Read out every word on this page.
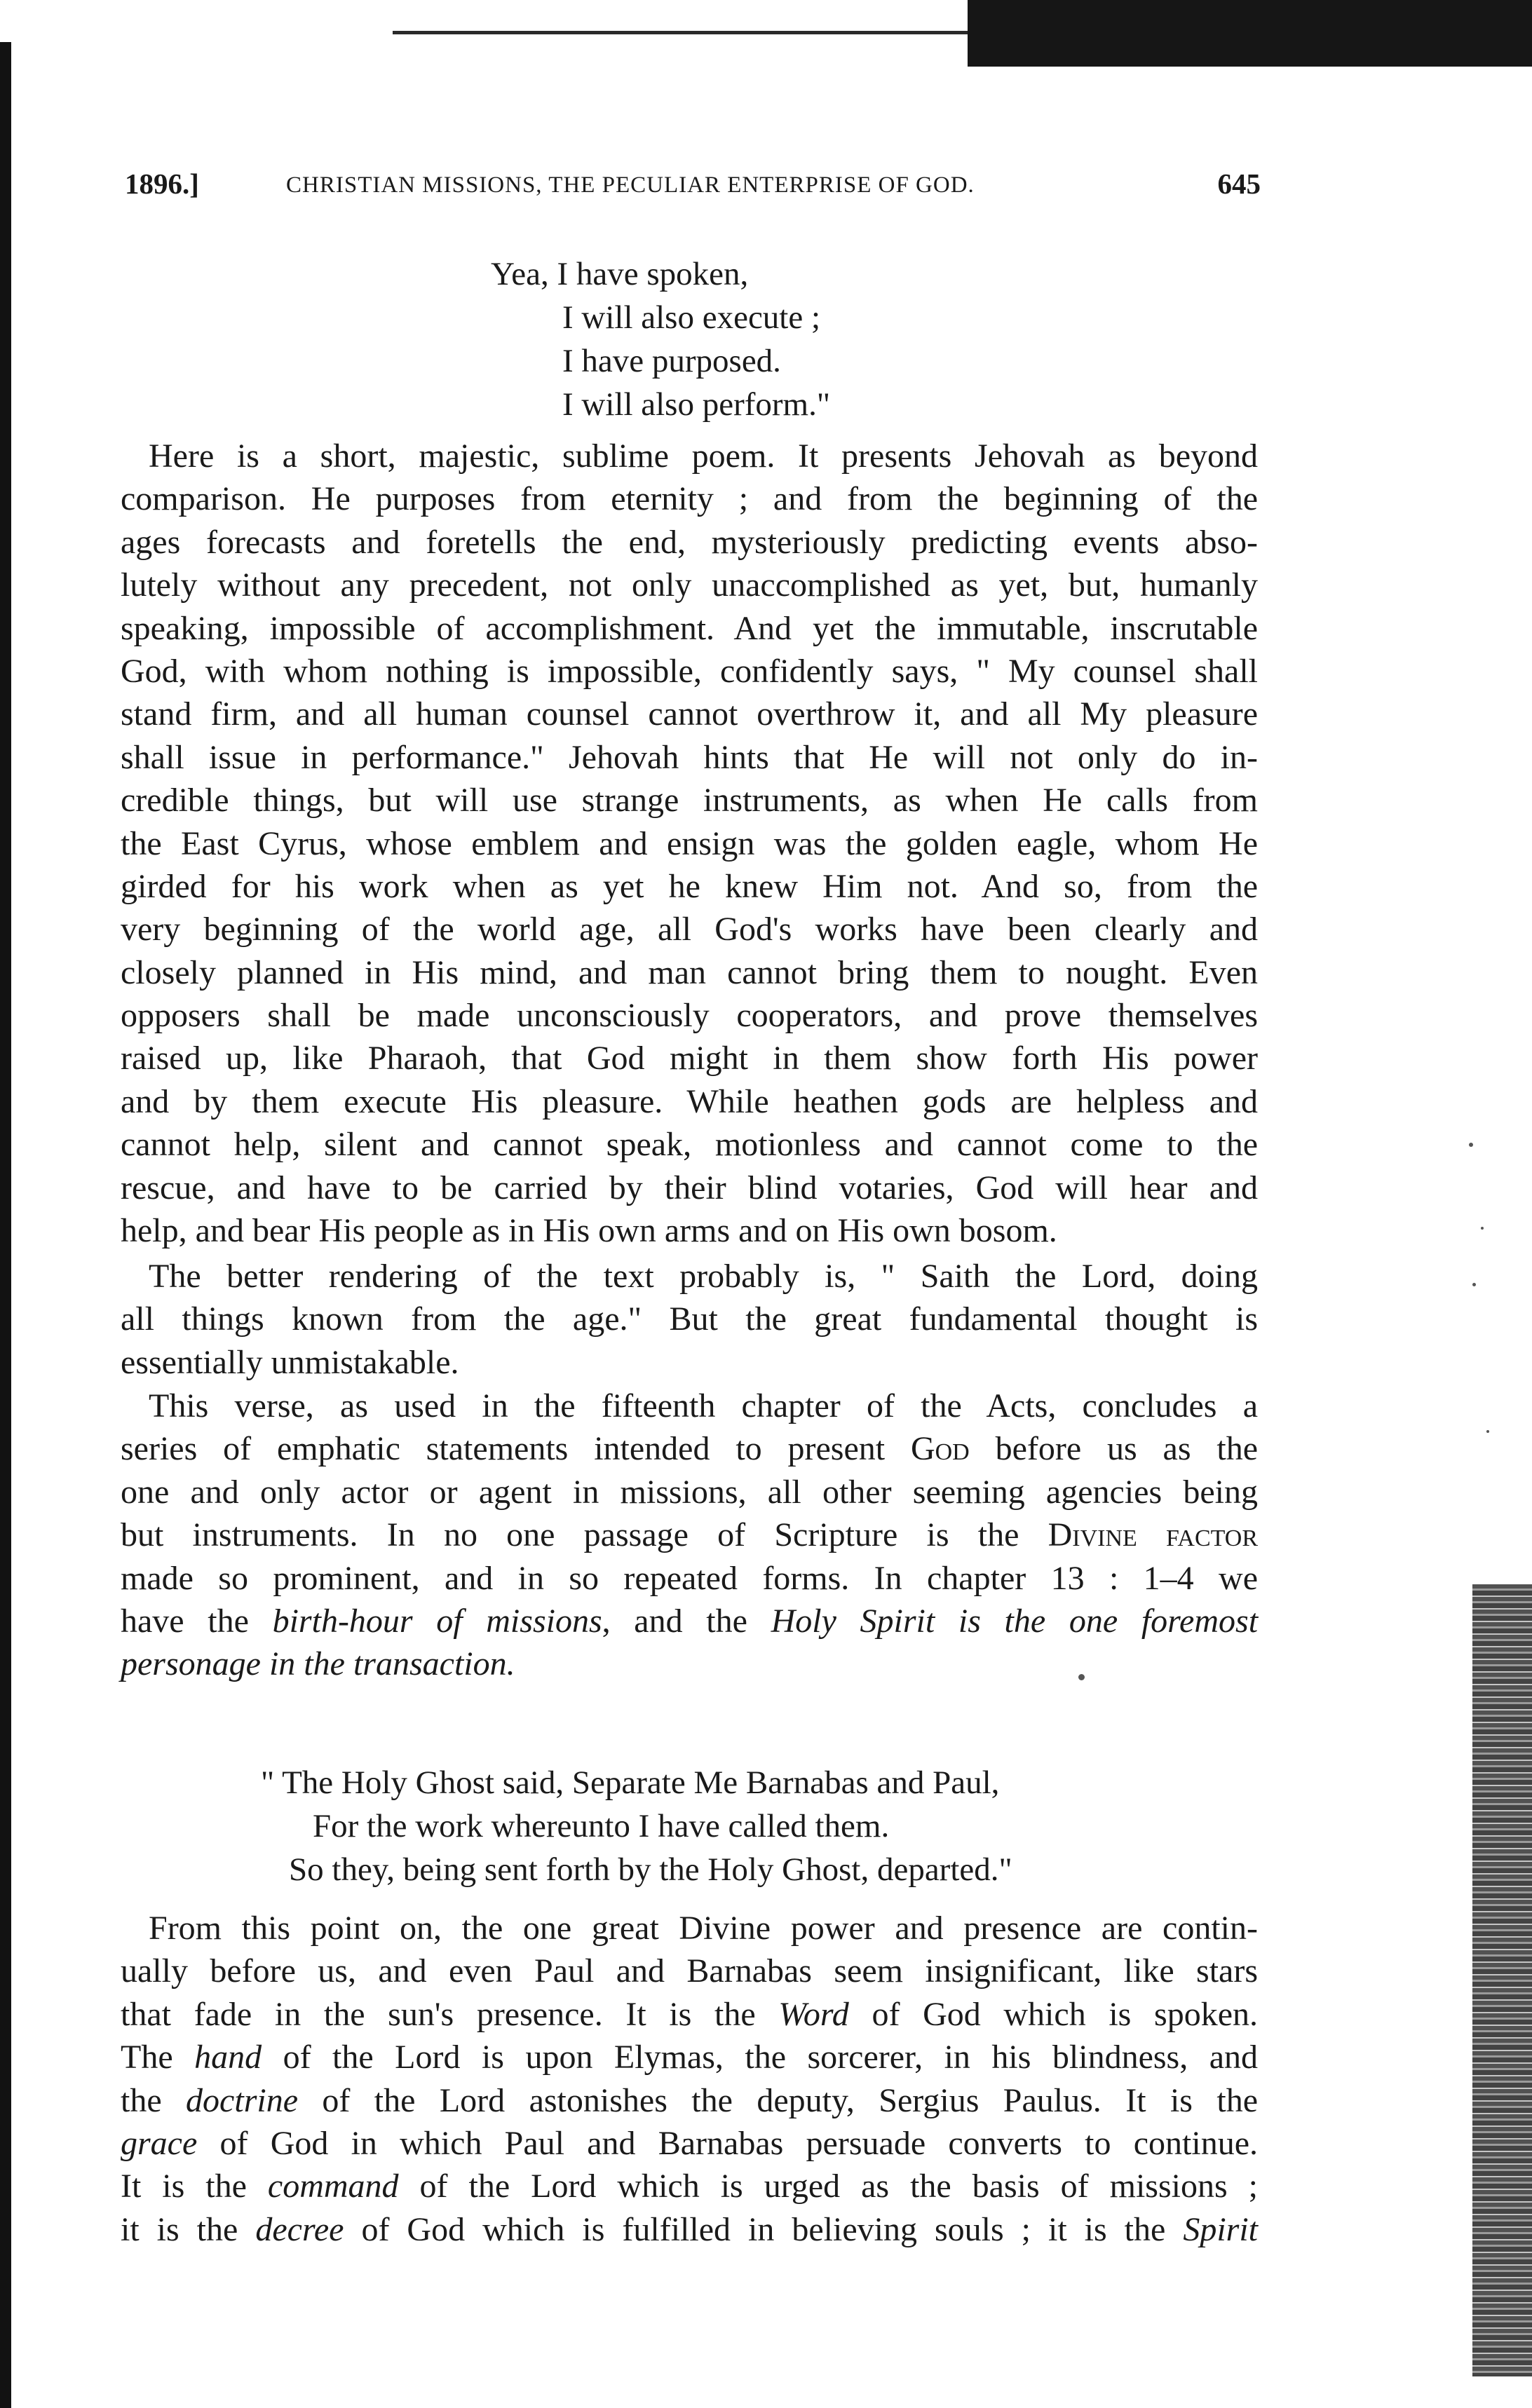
1896.]	CHRISTIAN MISSIONS, THE PECULIAR ENTERPRISE OF GOD.	645
Yea, I have spoken,
I will also execute ;
I have purposed.
I will also perform."
Here is a short, majestic, sublime poem. It presents Jehovah as beyond
comparison. He purposes from eternity ; and from the beginning of the
ages forecasts and foretells the end, mysteriously predicting events abso-
lutely without any precedent, not only unaccomplished as yet, but, humanly
speaking, impossible of accomplishment. And yet the immutable, inscrutable
God, with whom nothing is impossible, confidently says, " My counsel shall
stand firm, and all human counsel cannot overthrow it, and all My pleasure
shall issue in performance." Jehovah hints that He will not only do in-
credible things, but will use strange instruments, as when He calls from
the East Cyrus, whose emblem and ensign was the golden eagle, whom He
girded for his work when as yet he knew Him not. And so, from the
very beginning of the world age, all God's works have been clearly and
closely planned in His mind, and man cannot bring them to nought. Even
opposers shall be made unconsciously cooperators, and prove themselves
raised up, like Pharaoh, that God might in them show forth His power
and by them execute His pleasure. While heathen gods are helpless and
cannot help, silent and cannot speak, motionless and cannot come to the
rescue, and have to be carried by their blind votaries, God will hear and
help, and bear His people as in His own arms and on His own bosom.
The better rendering of the text probably is, " Saith the Lord, doing
all things known from the age." But the great fundamental thought is
essentially unmistakable.
This verse, as used in the fifteenth chapter of the Acts, concludes a
series of emphatic statements intended to present God before us as the
one and only actor or agent in missions, all other seeming agencies being
but instruments. In no one passage of Scripture is the Divine factor
made so prominent, and in so repeated forms. In chapter 13 : 1–4 we
have the birth-hour of missions, and the Holy Spirit is the one foremost
personage in the transaction.
" The Holy Ghost said, Separate Me Barnabas and Paul,
For the work whereunto I have called them.
So they, being sent forth by the Holy Ghost, departed."
From this point on, the one great Divine power and presence are contin-
ually before us, and even Paul and Barnabas seem insignificant, like stars
that fade in the sun's presence. It is the Word of God which is spoken.
The hand of the Lord is upon Elymas, the sorcerer, in his blindness, and
the doctrine of the Lord astonishes the deputy, Sergius Paulus. It is the
grace of God in which Paul and Barnabas persuade converts to continue.
It is the command of the Lord which is urged as the basis of missions ;
it is the decree of God which is fulfilled in believing souls ; it is the Spirit
